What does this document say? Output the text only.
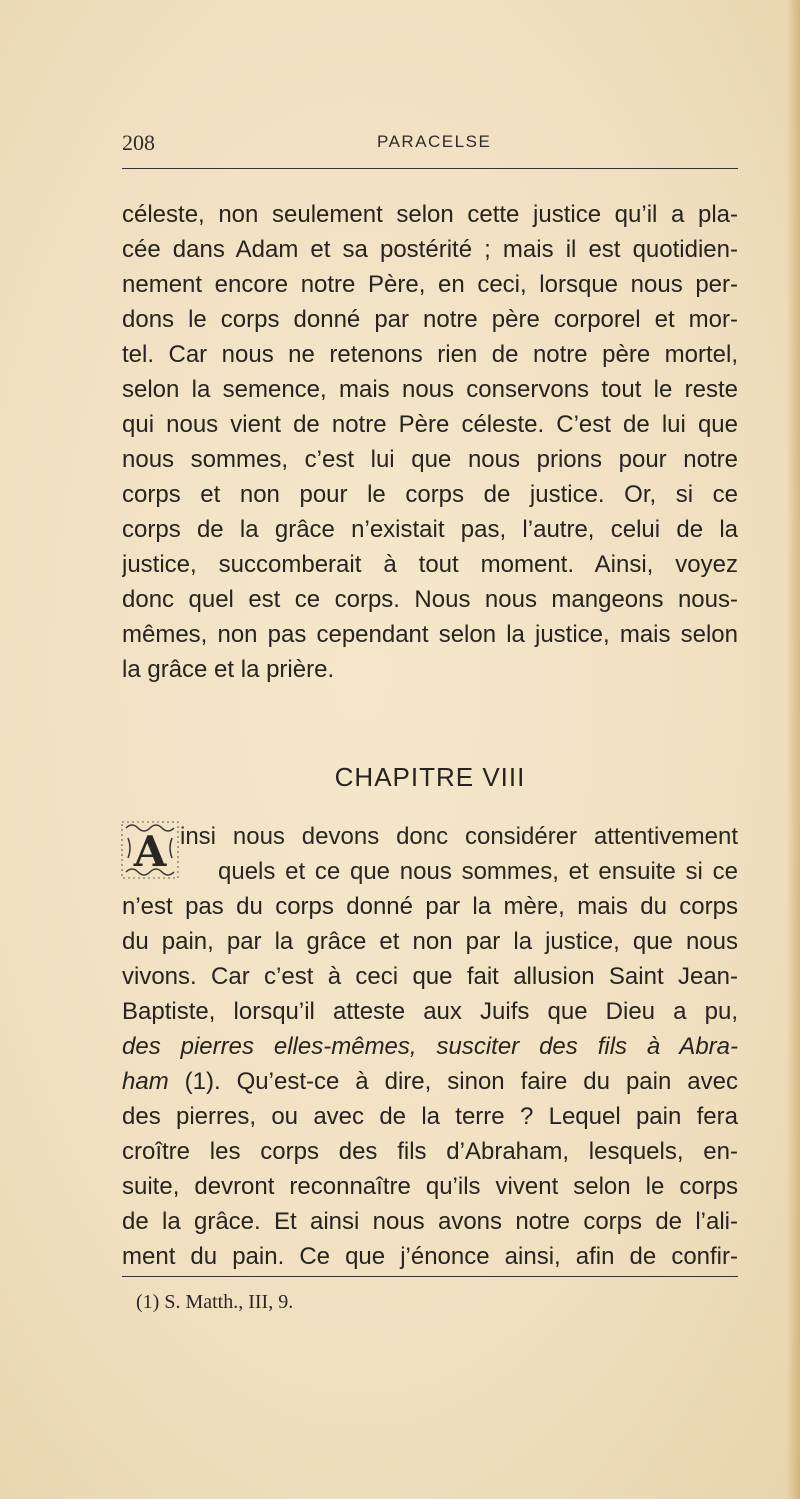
208	PARACELSE
céleste, non seulement selon cette justice qu’il a pla-
cée dans Adam et sa postérité ; mais il est quotidien-
nement encore notre Père, en ceci, lorsque nous per-
dons le corps donné par notre père corporel et mor-
tel. Car nous ne retenons rien de notre père mortel,
selon la semence, mais nous conservons tout le reste
qui nous vient de notre Père céleste. C’est de lui que
nous sommes, c’est lui que nous prions pour notre
corps et non pour le corps de justice. Or, si ce
corps de la grâce n’existait pas, l’autre, celui de la
justice, succomberait à tout moment. Ainsi, voyez
donc quel est ce corps. Nous nous mangeons nous-
mêmes, non pas cependant selon la justice, mais selon
la grâce et la prière.
CHAPITRE VIII
A insi nous devons donc considérer attentivement
quels et ce que nous sommes, et ensuite si ce
n’est pas du corps donné par la mère, mais du corps
du pain, par la grâce et non par la justice, que nous
vivons. Car c’est à ceci que fait allusion Saint Jean-
Baptiste, lorsqu’il atteste aux Juifs que Dieu a pu,
des pierres elles-mêmes, susciter des fils à Abra-
ham (1). Qu’est-ce à dire, sinon faire du pain avec
des pierres, ou avec de la terre ? Lequel pain fera
croître les corps des fils d’Abraham, lesquels, en-
suite, devront reconnaître qu’ils vivent selon le corps
de la grâce. Et ainsi nous avons notre corps de l’ali-
ment du pain. Ce que j’énonce ainsi, afin de confir-
(1) S. Matth., III, 9.
